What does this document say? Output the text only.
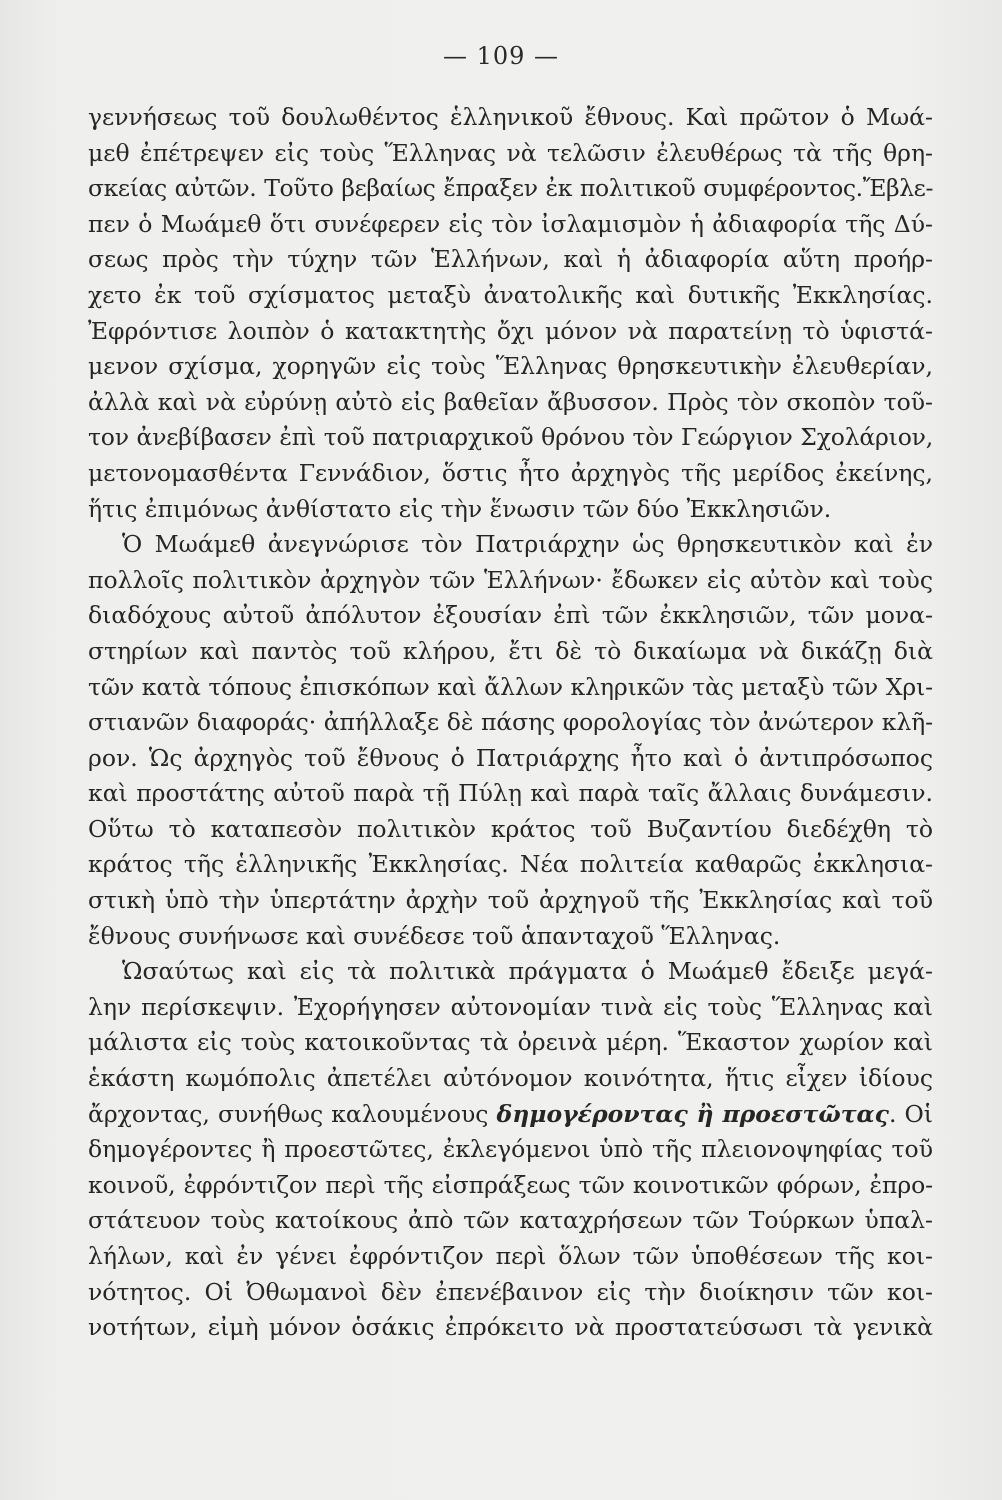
— 109 —
γεννήσεως τοῦ δουλωθέντος ἑλληνικοῦ ἔθνους. Καὶ πρῶτον ὁ Μωά-
μεθ ἐπέτρεψεν εἰς τοὺς Ἕλληνας νὰ τελῶσιν ἐλευθέρως τὰ τῆς θρη-
σκείας αὐτῶν. Τοῦτο βεβαίως ἔπραξεν ἐκ πολιτικοῦ συμφέροντος.Ἔβλε-
πεν ὁ Μωάμεθ ὅτι συνέφερεν εἰς τὸν ἰσλαμισμὸν ἡ ἀδιαφορία τῆς Δύ-
σεως πρὸς τὴν τύχην τῶν Ἑλλήνων, καὶ ἡ ἀδιαφορία αὕτη προήρ-
χετο ἐκ τοῦ σχίσματος μεταξὺ ἀνατολικῆς καὶ δυτικῆς Ἐκκλησίας.
Ἐφρόντισε λοιπὸν ὁ κατακτητὴς ὄχι μόνον νὰ παρατείνῃ τὸ ὑφιστά-
μενον σχίσμα, χορηγῶν εἰς τοὺς Ἕλληνας θρησκευτικὴν ἐλευθερίαν,
ἀλλὰ καὶ νὰ εὐρύνῃ αὐτὸ εἰς βαθεῖαν ἄβυσσον. Πρὸς τὸν σκοπὸν τοῦ-
τον ἀνεβίβασεν ἐπὶ τοῦ πατριαρχικοῦ θρόνου τὸν Γεώργιον Σχολάριον,
μετονομασθέντα Γεννάδιον, ὅστις ἦτο ἀρχηγὸς τῆς μερίδος ἐκείνης,
ἥτις ἐπιμόνως ἀνθίστατο εἰς τὴν ἕνωσιν τῶν δύο Ἐκκλησιῶν.
Ὁ Μωάμεθ ἀνεγνώρισε τὸν Πατριάρχην ὡς θρησκευτικὸν καὶ ἐν
πολλοῖς πολιτικὸν ἀρχηγὸν τῶν Ἑλλήνων· ἔδωκεν εἰς αὐτὸν καὶ τοὺς
διαδόχους αὐτοῦ ἀπόλυτον ἐξουσίαν ἐπὶ τῶν ἐκκλησιῶν, τῶν μονα-
στηρίων καὶ παντὸς τοῦ κλήρου, ἔτι δὲ τὸ δικαίωμα νὰ δικάζῃ διὰ
τῶν κατὰ τόπους ἐπισκόπων καὶ ἄλλων κληρικῶν τὰς μεταξὺ τῶν Χρι-
στιανῶν διαφοράς· ἀπήλλαξε δὲ πάσης φορολογίας τὸν ἀνώτερον κλῆ-
ρον. Ὡς ἀρχηγὸς τοῦ ἔθνους ὁ Πατριάρχης ἦτο καὶ ὁ ἀντιπρόσωπος
καὶ προστάτης αὐτοῦ παρὰ τῇ Πύλῃ καὶ παρὰ ταῖς ἄλλαις δυνάμεσιν.
Οὕτω τὸ καταπεσὸν πολιτικὸν κράτος τοῦ Βυζαντίου διεδέχθη τὸ
κράτος τῆς ἑλληνικῆς Ἐκκλησίας. Νέα πολιτεία καθαρῶς ἐκκλησια-
στικὴ ὑπὸ τὴν ὑπερτάτην ἀρχὴν τοῦ ἀρχηγοῦ τῆς Ἐκκλησίας καὶ τοῦ
ἔθνους συνήνωσε καὶ συνέδεσε τοῦ ἁπανταχοῦ Ἕλληνας.
Ὡσαύτως καὶ εἰς τὰ πολιτικὰ πράγματα ὁ Μωάμεθ ἔδειξε μεγά-
λην περίσκεψιν. Ἐχορήγησεν αὐτονομίαν τινὰ εἰς τοὺς Ἕλληνας καὶ
μάλιστα εἰς τοὺς κατοικοῦντας τὰ ὀρεινὰ μέρη. Ἕκαστον χωρίον καὶ
ἑκάστη κωμόπολις ἀπετέλει αὐτόνομον κοινότητα, ἥτις εἶχεν ἰδίους
ἄρχοντας, συνήθως καλουμένους δημογέροντας ἢ προεστῶτας. Οἱ
δημογέροντες ἢ προεστῶτες, ἐκλεγόμενοι ὑπὸ τῆς πλειονοψηφίας τοῦ
κοινοῦ, ἐφρόντιζον περὶ τῆς εἰσπράξεως τῶν κοινοτικῶν φόρων, ἐπρο-
στάτευον τοὺς κατοίκους ἀπὸ τῶν καταχρήσεων τῶν Τούρκων ὑπαλ-
λήλων, καὶ ἐν γένει ἐφρόντιζον περὶ ὅλων τῶν ὑποθέσεων τῆς κοι-
νότητος. Οἱ Ὀθωμανοὶ δὲν ἐπενέβαινον εἰς τὴν διοίκησιν τῶν κοι-
νοτήτων, εἰμὴ μόνον ὁσάκις ἐπρόκειτο νὰ προστατεύσωσι τὰ γενικὰ
